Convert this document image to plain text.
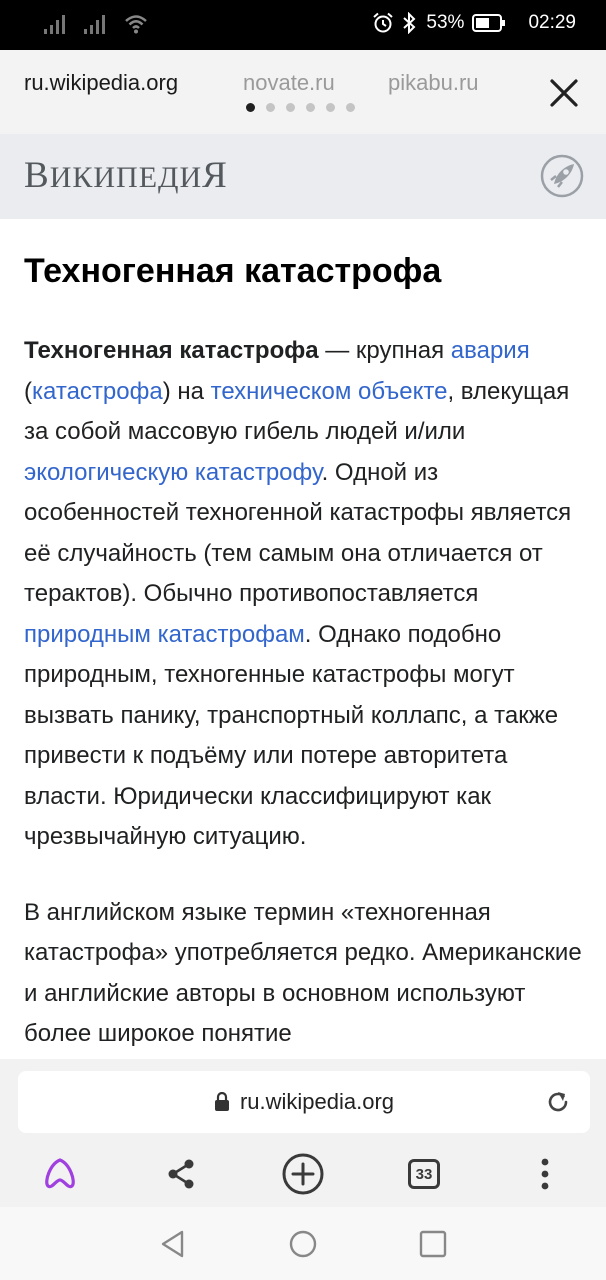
53%	02:29
ru.wikipedia.org	novate.ru pikabu.ru
ВИКИПЕДИЯ
Техногенная катастрофа

Техногенная катастрофа — крупная авария (катастрофа) на техническом объекте, влекущая за собой массовую гибель людей и/или экологическую катастрофу. Одной из особенностей техногенной катастрофы является её случайность (тем самым она отличается от терактов). Обычно противопоставляется природным катастрофам. Однако подобно природным, техногенные катастрофы могут вызвать панику, транспортный коллапс, а также привести к подъёму или потере авторитета власти. Юридически классифицируют как чрезвычайную ситуацию.

В английском языке термин «техногенная катастрофа» употребляется редко. Американские и английские авторы в основном используют более широкое понятие

ru.wikipedia.org
33
